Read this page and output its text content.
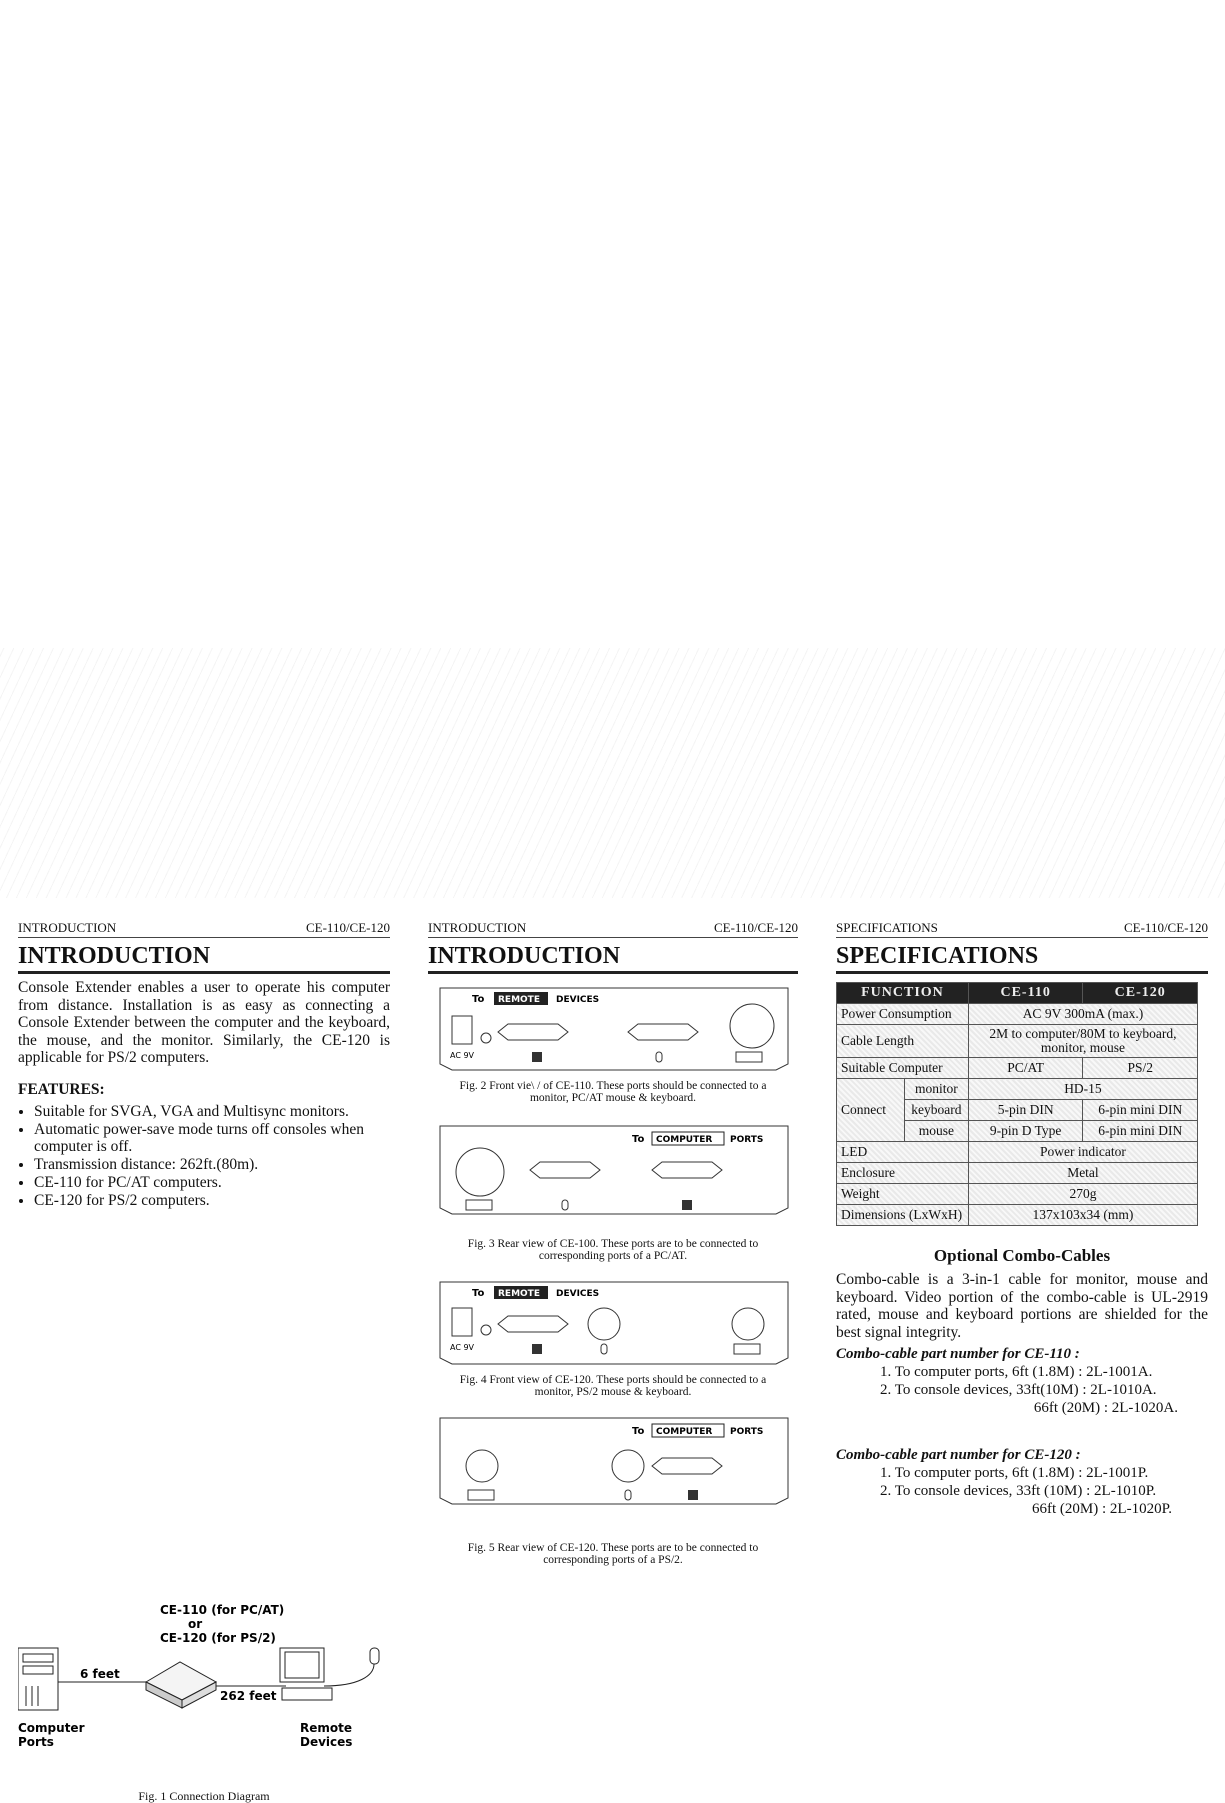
INTRODUCTION	CE-110/CE-120
INTRODUCTION
Console Extender enables a user to operate his computer from distance. Installation is as easy as connecting a Console Extender between the computer and the keyboard, the mouse, and the monitor. Similarly, the CE-120 is applicable for PS/2 computers.
FEATURES:
• Suitable for SVGA, VGA and Multisync monitors.
• Automatic power-save mode turns off consoles when computer is off.
• Transmission distance: 262ft.(80m).
• CE-110 for PC/AT computers.
• CE-120 for PS/2 computers.
CE-110 (for PC/AT)
or
CE-120 (for PS/2)
6 feet
262 feet
Computer
Ports
Remote
Devices
Fig. 1 Connection Diagram
INTRODUCTION	CE-110/CE-120
INTRODUCTION
To REMOTE DEVICES
AC 9V
Fig. 2 Front vie\ / of CE-110. These ports should be connected to a
monitor, PC/AT mouse & keyboard.
To COMPUTER PORTS
Fig. 3 Rear view of CE-100. These ports are to be connected to
corresponding ports of a PC/AT.
To REMOTE DEVICES
AC 9V
Fig. 4 Front view of CE-120. These ports should be connected to a
monitor, PS/2 mouse & keyboard.
To COMPUTER PORTS
Fig. 5 Rear view of CE-120. These ports are to be connected to
corresponding ports of a PS/2.
SPECIFICATIONS	CE-110/CE-120
SPECIFICATIONS
FUNCTION		CE-110	CE-120
Power Consumption		AC 9V 300mA (max.)	
Cable Length		2M to computer/80M to keyboard, monitor, mouse	
Suitable Computer		PC/AT	PS/2
Connect	monitor	HD-15	
	keyboard	5-pin DIN	6-pin mini DIN
	mouse	9-pin D Type	6-pin mini DIN
LED		Power indicator	
Enclosure		Metal	
Weight		270g	
Dimensions (LxWxH)		137x103x34 (mm)	
Optional Combo-Cables
Combo-cable is a 3-in-1 cable for monitor, mouse and keyboard. Video portion of the combo-cable is UL-2919 rated, mouse and keyboard portions are shielded for the best signal integrity.
Combo-cable part number for CE-110 :
1. To computer ports, 6ft (1.8M) : 2L-1001A.
2. To console devices, 33ft(10M) : 2L-1010A.
66ft (20M) : 2L-1020A.
Combo-cable part number for CE-120 :
1. To computer ports, 6ft (1.8M) : 2L-1001P.
2. To console devices, 33ft (10M) : 2L-1010P.
66ft (20M) : 2L-1020P.
